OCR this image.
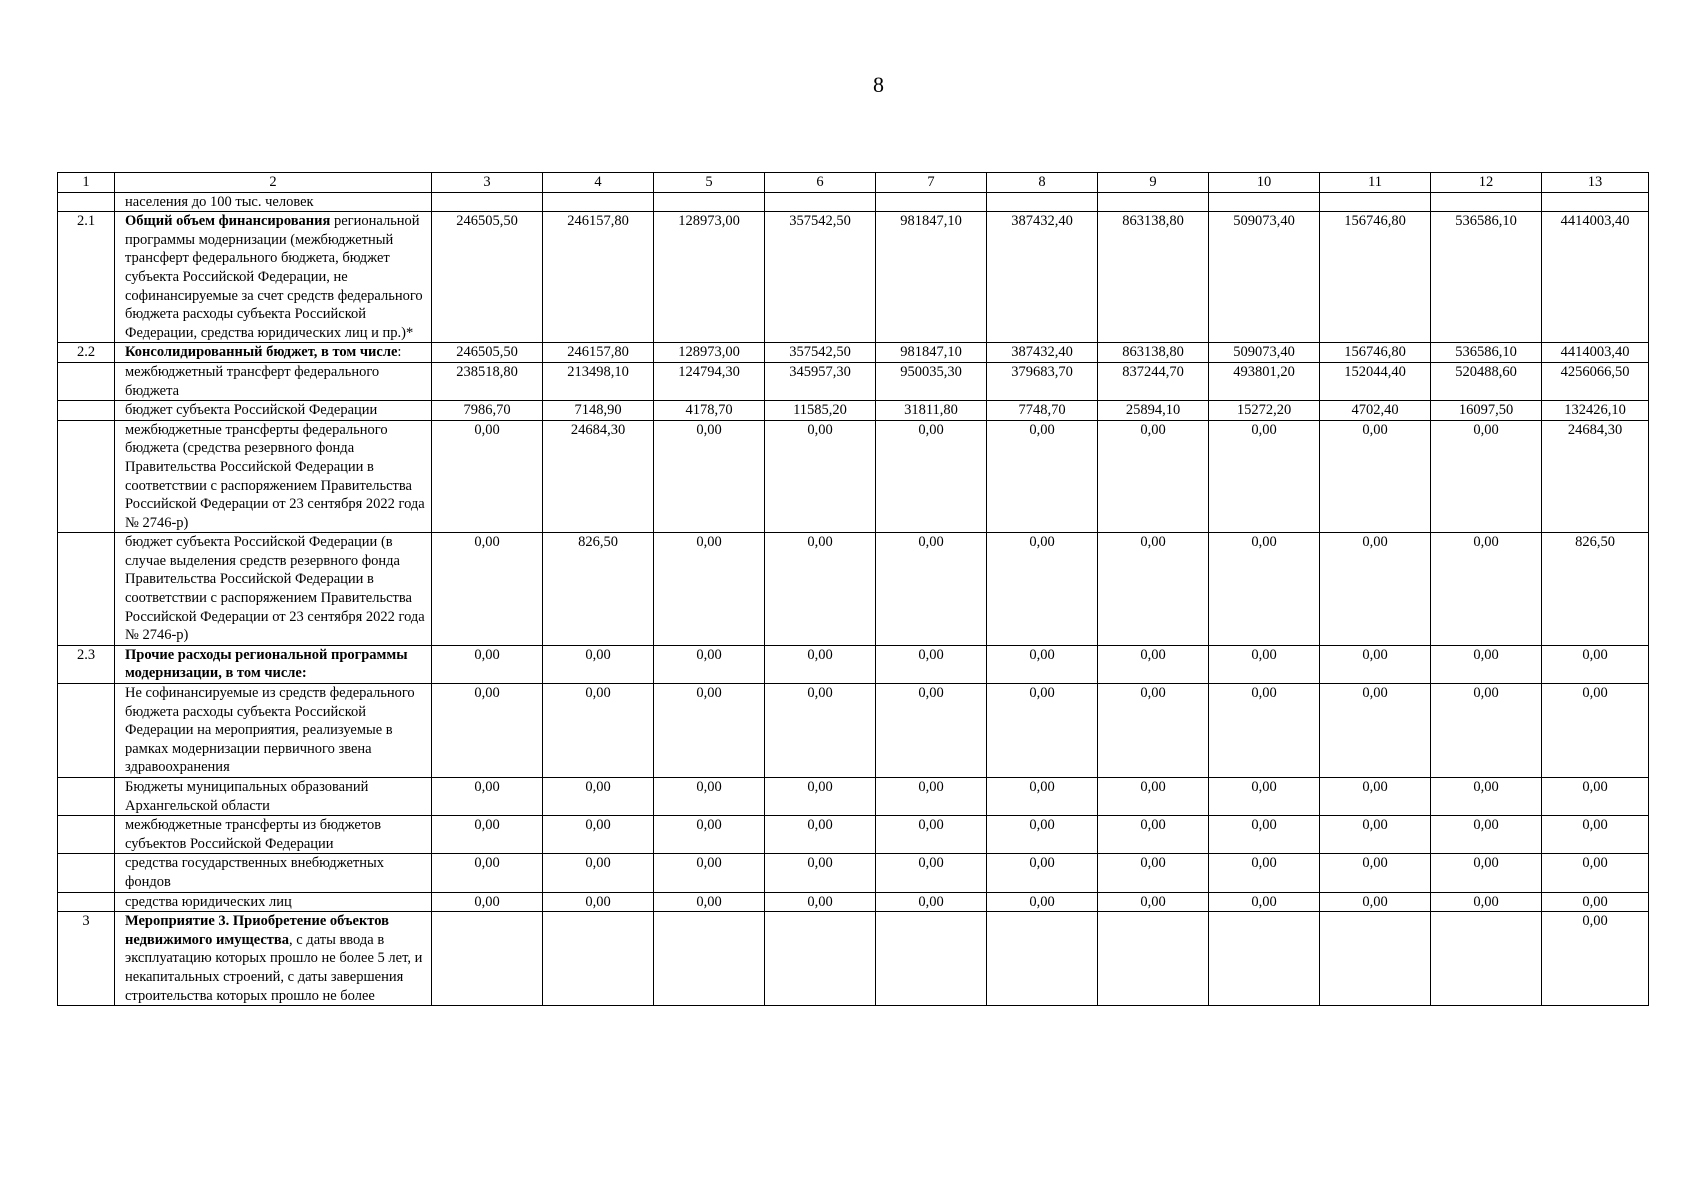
8
1	2	3	4	5	6	7	8	9	10	11	12	13
	населения до 100 тыс. человек											
2.1	Общий объем финансирования региональной программы модернизации (межбюджетный трансферт федерального бюджета, бюджет субъекта Российской Федерации, не софинансируемые за счет средств федерального бюджета расходы субъекта Российской Федерации, средства юридических лиц и пр.)*	246505,50	246157,80	128973,00	357542,50	981847,10	387432,40	863138,80	509073,40	156746,80	536586,10	4414003,40
2.2	Консолидированный бюджет, в том числе:	246505,50	246157,80	128973,00	357542,50	981847,10	387432,40	863138,80	509073,40	156746,80	536586,10	4414003,40
	межбюджетный трансферт федерального бюджета	238518,80	213498,10	124794,30	345957,30	950035,30	379683,70	837244,70	493801,20	152044,40	520488,60	4256066,50
	бюджет субъекта Российской Федерации	7986,70	7148,90	4178,70	11585,20	31811,80	7748,70	25894,10	15272,20	4702,40	16097,50	132426,10
	межбюджетные трансферты федерального бюджета (средства резервного фонда Правительства Российской Федерации в соответствии с распоряжением Правительства Российской Федерации от 23 сентября 2022 года № 2746-р)	0,00	24684,30	0,00	0,00	0,00	0,00	0,00	0,00	0,00	0,00	24684,30
	бюджет субъекта Российской Федерации (в случае выделения средств резервного фонда Правительства Российской Федерации в соответствии с распоряжением Правительства Российской Федерации от 23 сентября 2022 года № 2746-р)	0,00	826,50	0,00	0,00	0,00	0,00	0,00	0,00	0,00	0,00	826,50
2.3	Прочие расходы региональной программы модернизации, в том числе:	0,00	0,00	0,00	0,00	0,00	0,00	0,00	0,00	0,00	0,00	0,00
	Не софинансируемые из средств федерального бюджета расходы субъекта Российской Федерации на мероприятия, реализуемые в рамках модернизации первичного звена здравоохранения	0,00	0,00	0,00	0,00	0,00	0,00	0,00	0,00	0,00	0,00	0,00
	Бюджеты муниципальных образований Архангельской области	0,00	0,00	0,00	0,00	0,00	0,00	0,00	0,00	0,00	0,00	0,00
	межбюджетные трансферты из бюджетов субъектов Российской Федерации	0,00	0,00	0,00	0,00	0,00	0,00	0,00	0,00	0,00	0,00	0,00
	средства государственных внебюджетных фондов	0,00	0,00	0,00	0,00	0,00	0,00	0,00	0,00	0,00	0,00	0,00
	средства юридических лиц	0,00	0,00	0,00	0,00	0,00	0,00	0,00	0,00	0,00	0,00	0,00
3	Мероприятие 3. Приобретение объектов недвижимого имущества, с даты ввода в эксплуатацию которых прошло не более 5 лет, и некапитальных строений, с даты завершения строительства которых прошло не более											0,00
